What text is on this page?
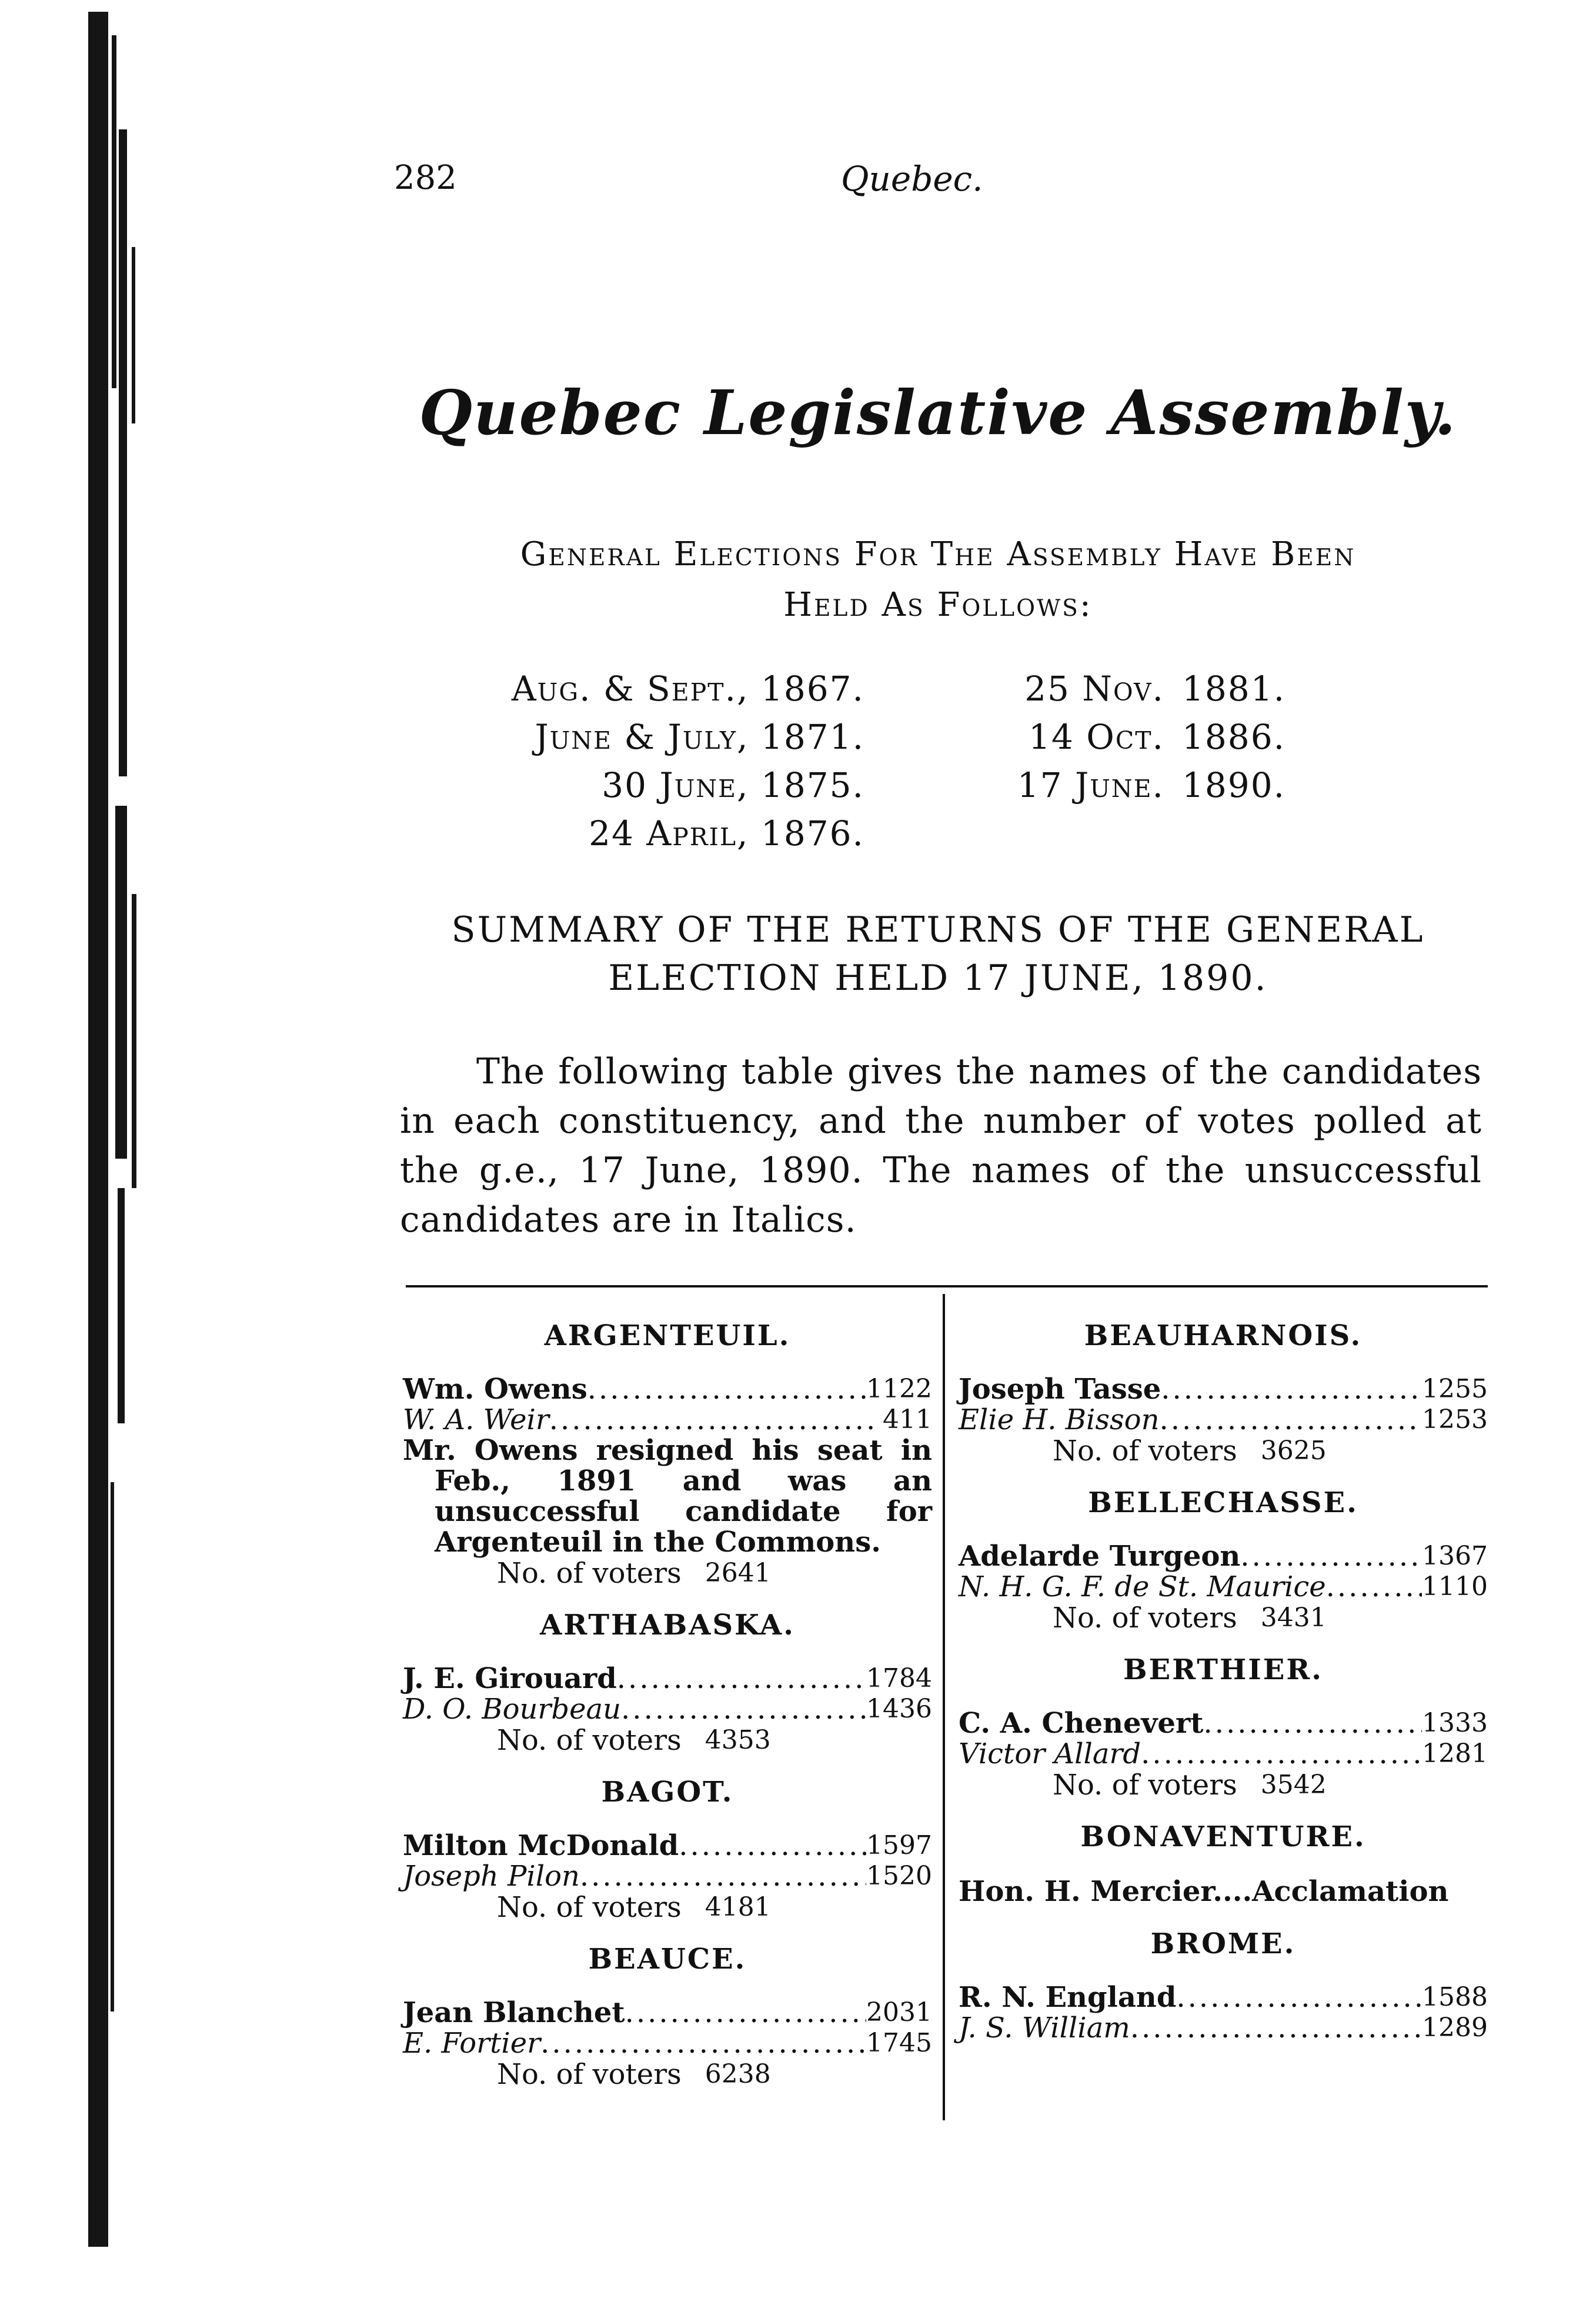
282	Quebec.
Quebec Legislative Assembly.
General Elections For The Assembly Have Been
Held As Follows:
Aug. & Sept., 1867.
June & July, 1871.
30 June, 1875.
24 April, 1876.
25 Nov. 1881.
14 Oct. 1886.
17 June. 1890.
SUMMARY OF THE RETURNS OF THE GENERAL
ELECTION HELD 17 JUNE, 1890.

The following table gives the names of the candidates in each constituency, and the number of votes polled at the g.e., 17 June, 1890. The names of the unsuccessful candidates are in Italics.

ARGENTEUIL.
Wm. Owens .....	1122
W. A. Weir .....	411

Mr. Owens resigned his seat in Feb., 1891 and was an unsuccessful candidate for Argenteuil in the Commons.

No. of voters 2641
ARTHABASKA.
J. E. Girouard .....	1784
D. O. Bourbeau .....	1436
No. of voters 4353
BAGOT.
Milton McDonald .....	1597
Joseph Pilon .....	1520
No. of voters 4181
BEAUCE.
Jean Blanchet .....	2031
E. Fortier .....	1745
No. of voters 6238
BEAUHARNOIS.
Joseph Tasse .....	1255
Elie H. Bisson .....	1253
No. of voters 3625
BELLECHASSE.
Adelarde Turgeon .....	1367
N. H. G. F. de St. Maurice .....	1110
No. of voters 3431
BERTHIER.
C. A. Chenevert .....	1333
Victor Allard .....	1281
No. of voters 3542
BONAVENTURE.
Hon. H. Mercier....Acclamation
BROME.
R. N. England .....	1588
J. S. William .....	1289
